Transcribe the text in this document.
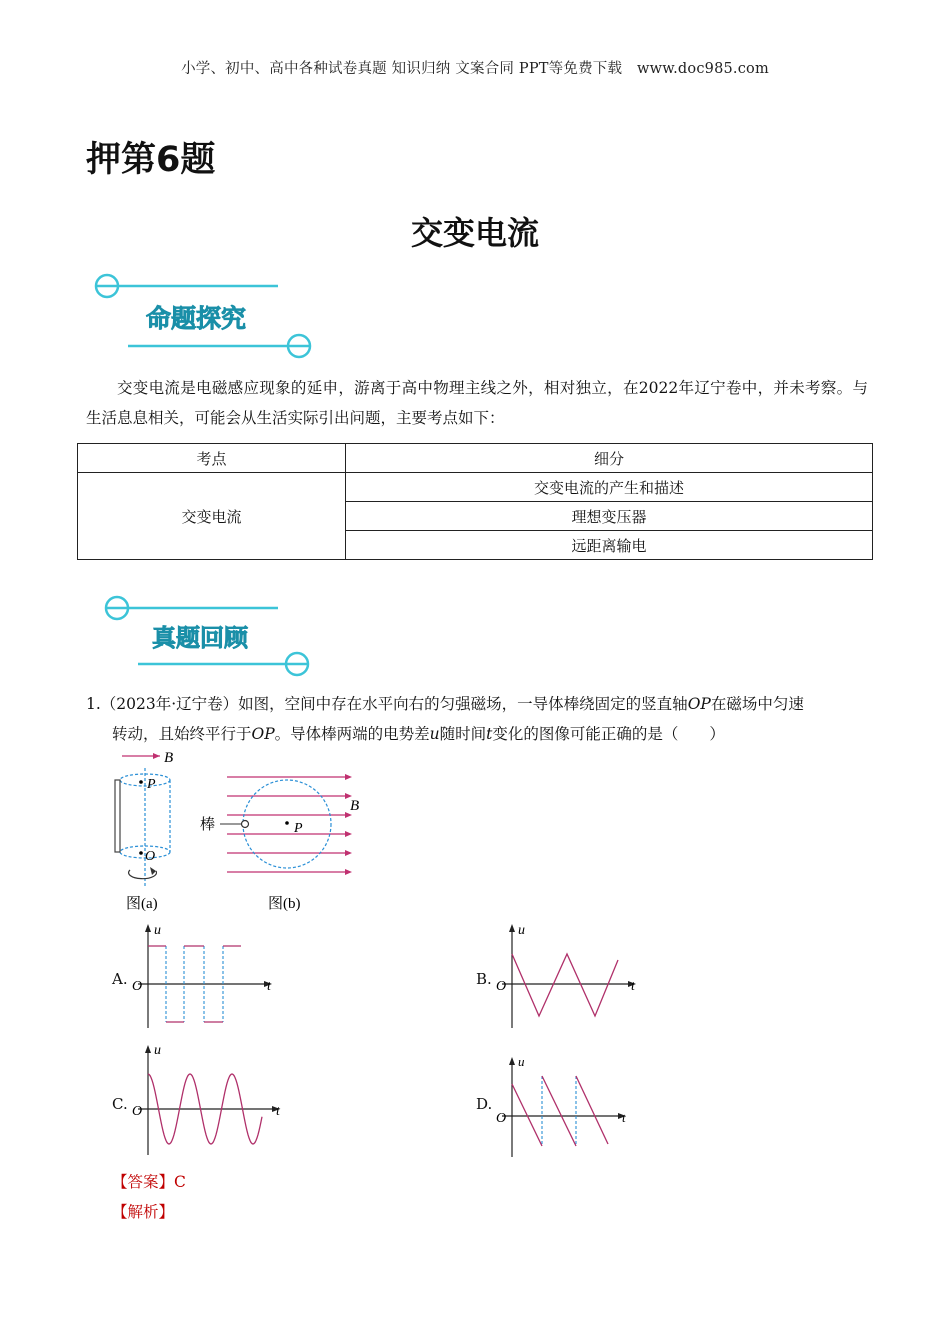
小学、初中、高中各种试卷真题 知识归纳 文案合同 PPT等免费下载 www.doc985.com
押第6题
交变电流
命题探究
交变电流是电磁感应现象的延申，游离于高中物理主线之外，相对独立，在2022年辽宁卷中，并未考察。与生活息息相关，可能会从生活实际引出问题，主要考点如下：
考点	细分
交变电流	交变电流的产生和描述
	理想变压器
	远距离输电
真题回顾
1.（2023年·辽宁卷）如图，空间中存在水平向右的匀强磁场，一导体棒绕固定的竖直轴OP在磁场中匀速
转动，且始终平行于OP。导体棒两端的电势差u随时间t变化的图像可能正确的是（　　）
B
P
O
图(a)
棒	P
B
图(b)
A.
u
t
O	B.
u
t
O
C.
u
t
O	D.
u
t
O
【答案】C
【解析】
